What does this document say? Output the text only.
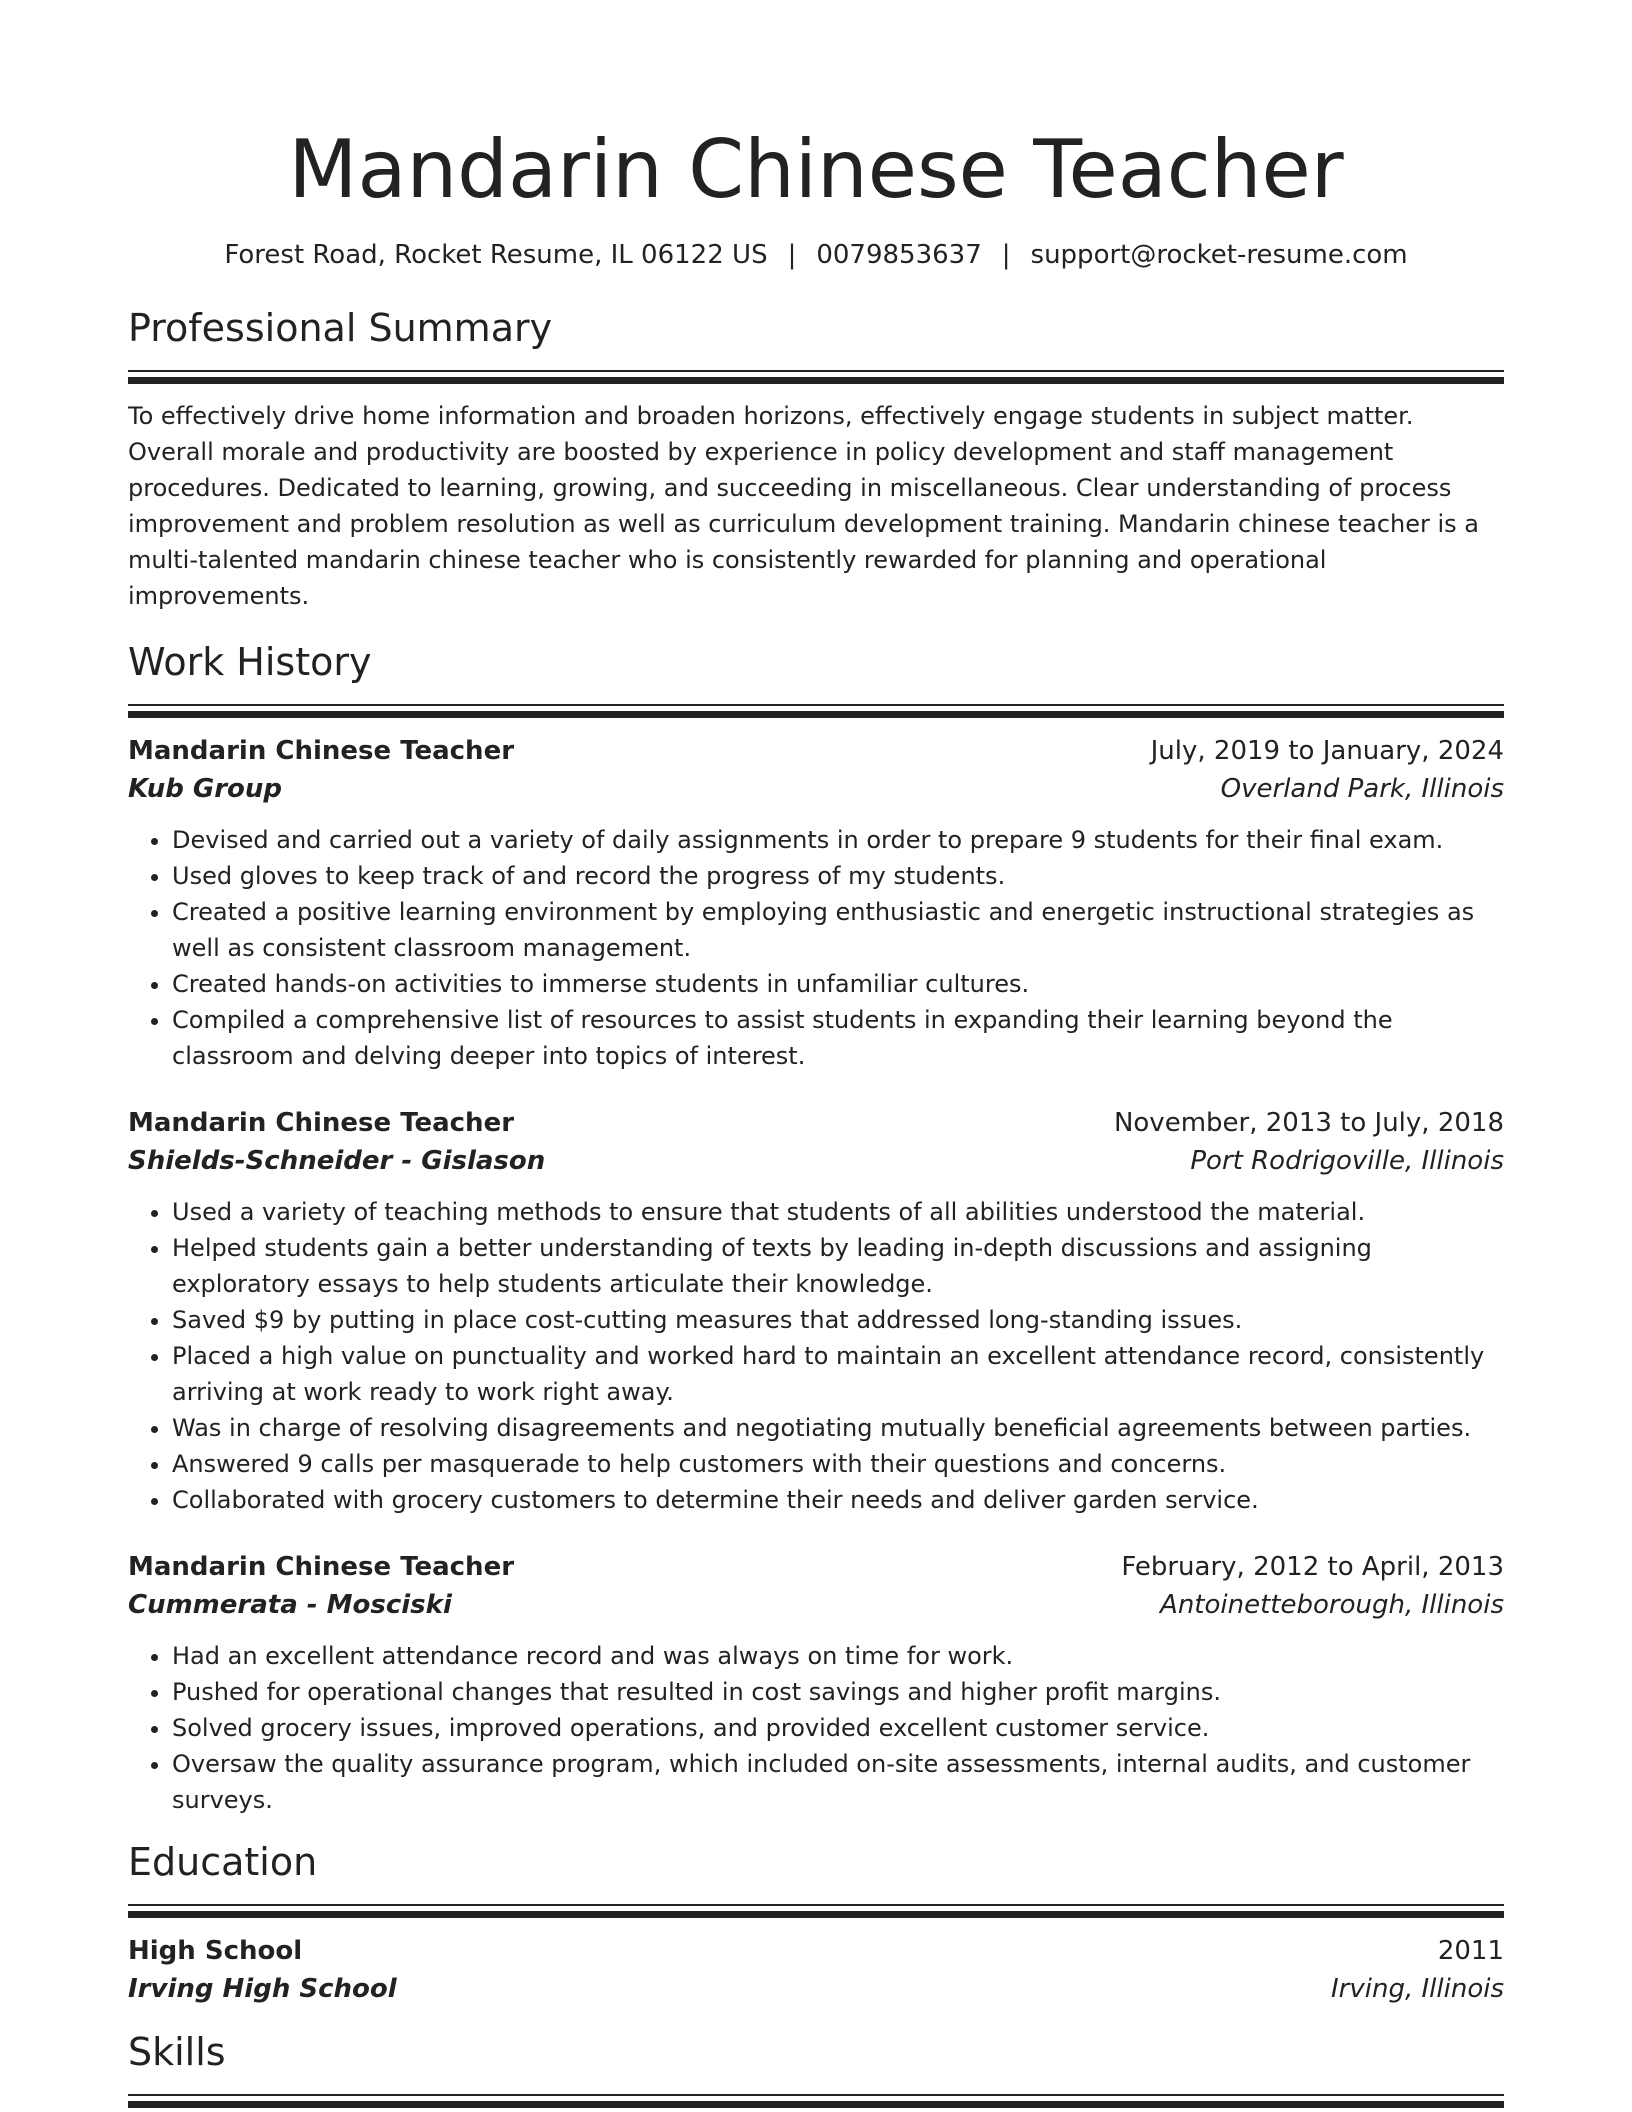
Mandarin Chinese Teacher
Forest Road, Rocket Resume, IL 06122 US | 0079853637 | support@rocket-resume.com
Professional Summary

To effectively drive home information and broaden horizons, effectively engage students in subject matter. Overall morale and productivity are boosted by experience in policy development and staff management procedures. Dedicated to learning, growing, and succeeding in miscellaneous. Clear understanding of process improvement and problem resolution as well as curriculum development training. Mandarin chinese teacher is a multi-talented mandarin chinese teacher who is consistently rewarded for planning and operational improvements.

Work History
Mandarin Chinese Teacher	July, 2019 to January, 2024
Kub Group	Overland Park, Illinois
• Devised and carried out a variety of daily assignments in order to prepare 9 students for their final exam.
• Used gloves to keep track of and record the progress of my students.
• Created a positive learning environment by employing enthusiastic and energetic instructional strategies as well as consistent classroom management.
• Created hands-on activities to immerse students in unfamiliar cultures.
• Compiled a comprehensive list of resources to assist students in expanding their learning beyond the classroom and delving deeper into topics of interest.
Mandarin Chinese Teacher	November, 2013 to July, 2018
Shields-Schneider - Gislason	Port Rodrigoville, Illinois
• Used a variety of teaching methods to ensure that students of all abilities understood the material.
• Helped students gain a better understanding of texts by leading in-depth discussions and assigning exploratory essays to help students articulate their knowledge.
• Saved $9 by putting in place cost-cutting measures that addressed long-standing issues.
• Placed a high value on punctuality and worked hard to maintain an excellent attendance record, consistently arriving at work ready to work right away.
• Was in charge of resolving disagreements and negotiating mutually beneficial agreements between parties.
• Answered 9 calls per masquerade to help customers with their questions and concerns.
• Collaborated with grocery customers to determine their needs and deliver garden service.
Mandarin Chinese Teacher	February, 2012 to April, 2013
Cummerata - Mosciski	Antoinetteborough, Illinois
• Had an excellent attendance record and was always on time for work.
• Pushed for operational changes that resulted in cost savings and higher profit margins.
• Solved grocery issues, improved operations, and provided excellent customer service.
• Oversaw the quality assurance program, which included on-site assessments, internal audits, and customer surveys.
Education
High School	2011
Irving High School	Irving, Illinois
Skills
